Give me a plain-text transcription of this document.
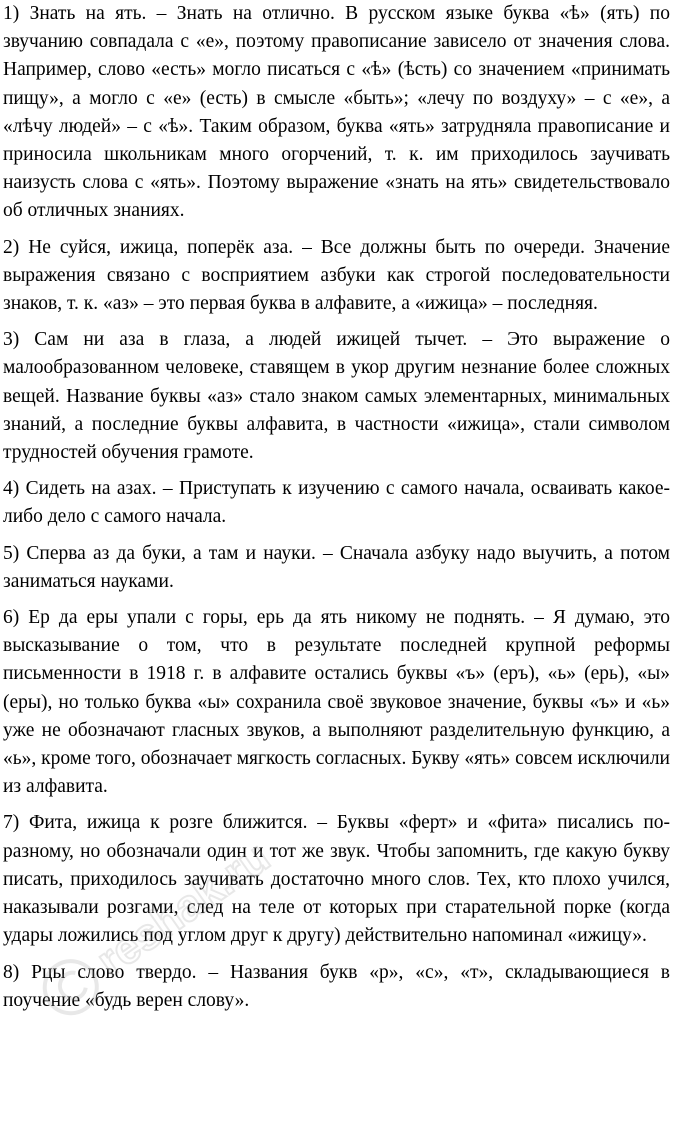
1) Знать на ять. – Знать на отлично. В русском языке буква «ѣ» (ять) по звучанию совпадала с «е», поэтому правописание зависело от значения слова. Например, слово «есть» могло писаться с «ѣ» (ѣсть) со значением «принимать пищу», а могло с «е» (есть) в смысле «быть»; «лечу по воздуху» – с «е», а «лѣчу людей» – с «ѣ». Таким образом, буква «ять» затрудняла правописание и приносила школьникам много огорчений, т. к. им приходилось заучивать наизусть слова с «ять». Поэтому выражение «знать на ять» свидетельствовало об отличных знаниях.

2) Не суйся, ижица, поперёк аза. – Все должны быть по очереди. Значение выражения связано с восприятием азбуки как строгой последовательности знаков, т. к. «аз» – это первая буква в алфавите, а «ижица» – последняя.

3) Сам ни аза в глаза, а людей ижицей тычет. – Это выражение о малообразованном человеке, ставящем в укор другим незнание более сложных вещей. Название буквы «аз» стало знаком самых элементарных, минимальных знаний, а последние буквы алфавита, в частности «ижица», стали символом трудностей обучения грамоте.

4) Сидеть на азах. – Приступать к изучению с самого начала, осваивать какое-либо дело с самого начала.

5) Сперва аз да буки, а там и науки. – Сначала азбуку надо выучить, а потом заниматься науками.

6) Ер да еры упали с горы, ерь да ять никому не поднять. – Я думаю, это высказывание о том, что в результате последней крупной реформы письменности в 1918 г. в алфавите остались буквы «ъ» (еръ), «ь» (ерь), «ы» (еры), но только буква «ы» сохранила своё звуковое значение, буквы «ъ» и «ь» уже не обозначают гласных звуков, а выполняют разделительную функцию, а «ь», кроме того, обозначает мягкость согласных. Букву «ять» совсем исключили из алфавита.

7) Фита, ижица к розге ближится. – Буквы «ферт» и «фита» писались по-разному, но обозначали один и тот же звук. Чтобы запомнить, где какую букву писать, приходилось заучивать достаточно много слов. Тех, кто плохо учился, наказывали розгами, след на теле от которых при старательной порке (когда удары ложились под углом друг к другу) действительно напоминал «ижицу».

8) Рцы слово твердо. – Названия букв «р», «с», «т», складывающиеся в поучение «будь верен слову».

reshak.ru
